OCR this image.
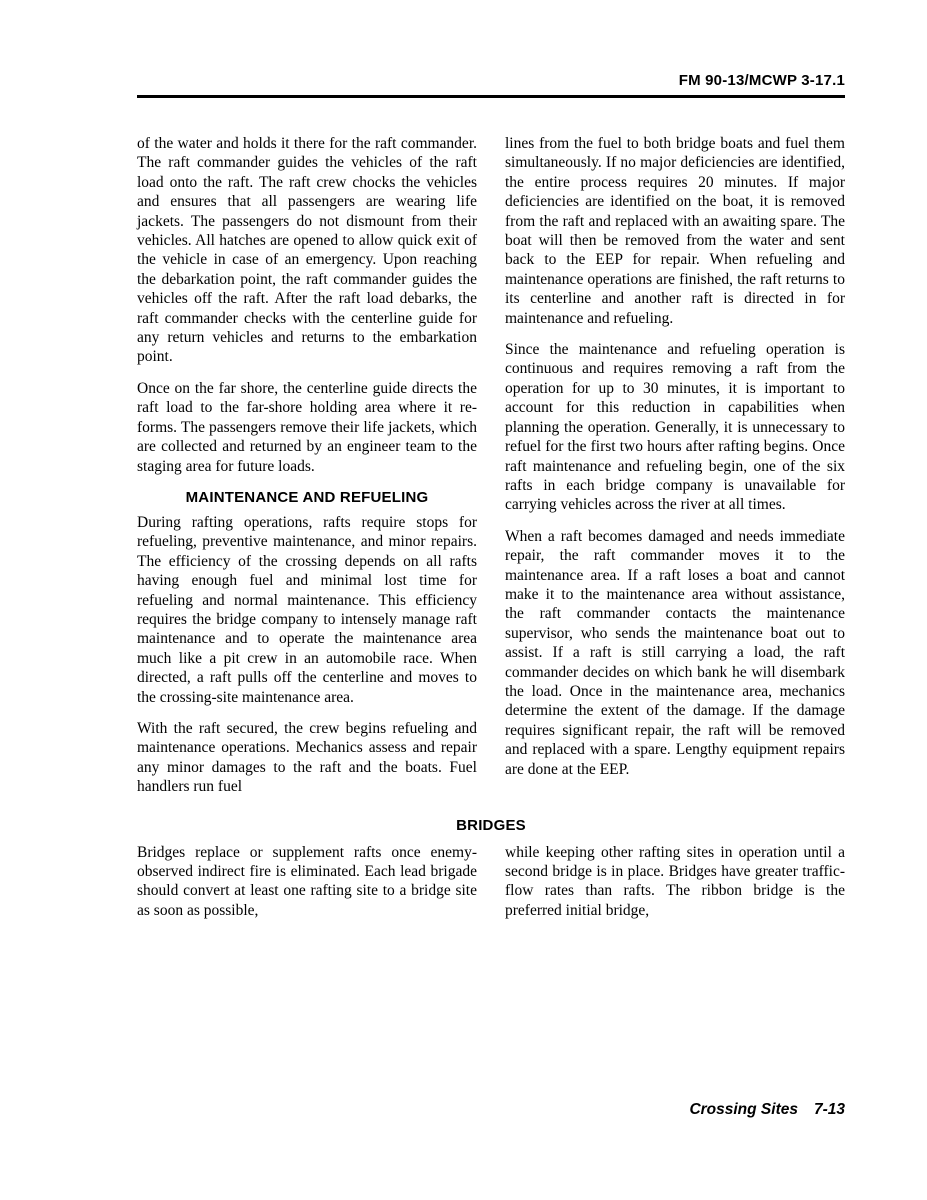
FM 90-13/MCWP 3-17.1

of the water and holds it there for the raft commander. The raft commander guides the vehicles of the raft load onto the raft. The raft crew chocks the vehicles and ensures that all passengers are wearing life jackets. The passengers do not dismount from their vehicles. All hatches are opened to allow quick exit of the vehicle in case of an emergency. Upon reaching the debarkation point, the raft commander guides the vehicles off the raft. After the raft load debarks, the raft commander checks with the centerline guide for any return vehicles and returns to the embarkation point.

Once on the far shore, the centerline guide directs the raft load to the far-shore holding area where it re-forms. The passengers remove their life jackets, which are collected and returned by an engineer team to the staging area for future loads.

MAINTENANCE AND REFUELING

During rafting operations, rafts require stops for refueling, preventive maintenance, and minor repairs. The efficiency of the crossing depends on all rafts having enough fuel and minimal lost time for refueling and normal maintenance. This efficiency requires the bridge company to intensely manage raft maintenance and to operate the maintenance area much like a pit crew in an automobile race. When directed, a raft pulls off the centerline and moves to the crossing-site maintenance area.

With the raft secured, the crew begins refueling and maintenance operations. Mechanics assess and repair any minor damages to the raft and the boats. Fuel handlers run fuel

lines from the fuel to both bridge boats and fuel them simultaneously. If no major deficiencies are identified, the entire process requires 20 minutes. If major deficiencies are identified on the boat, it is removed from the raft and replaced with an awaiting spare. The boat will then be removed from the water and sent back to the EEP for repair. When refueling and maintenance operations are finished, the raft returns to its centerline and another raft is directed in for maintenance and refueling.

Since the maintenance and refueling operation is continuous and requires removing a raft from the operation for up to 30 minutes, it is important to account for this reduction in capabilities when planning the operation. Generally, it is unnecessary to refuel for the first two hours after rafting begins. Once raft maintenance and refueling begin, one of the six rafts in each bridge company is unavailable for carrying vehicles across the river at all times.

When a raft becomes damaged and needs immediate repair, the raft commander moves it to the maintenance area. If a raft loses a boat and cannot make it to the maintenance area without assistance, the raft commander contacts the maintenance supervisor, who sends the maintenance boat out to assist. If a raft is still carrying a load, the raft commander decides on which bank he will disembark the load. Once in the maintenance area, mechanics determine the extent of the damage. If the damage requires significant repair, the raft will be removed and replaced with a spare. Lengthy equipment repairs are done at the EEP.

BRIDGES

Bridges replace or supplement rafts once enemy-observed indirect fire is eliminated. Each lead brigade should convert at least one rafting site to a bridge site as soon as possible,

while keeping other rafting sites in operation until a second bridge is in place. Bridges have greater traffic-flow rates than rafts. The ribbon bridge is the preferred initial bridge,

Crossing Sites 7-13
